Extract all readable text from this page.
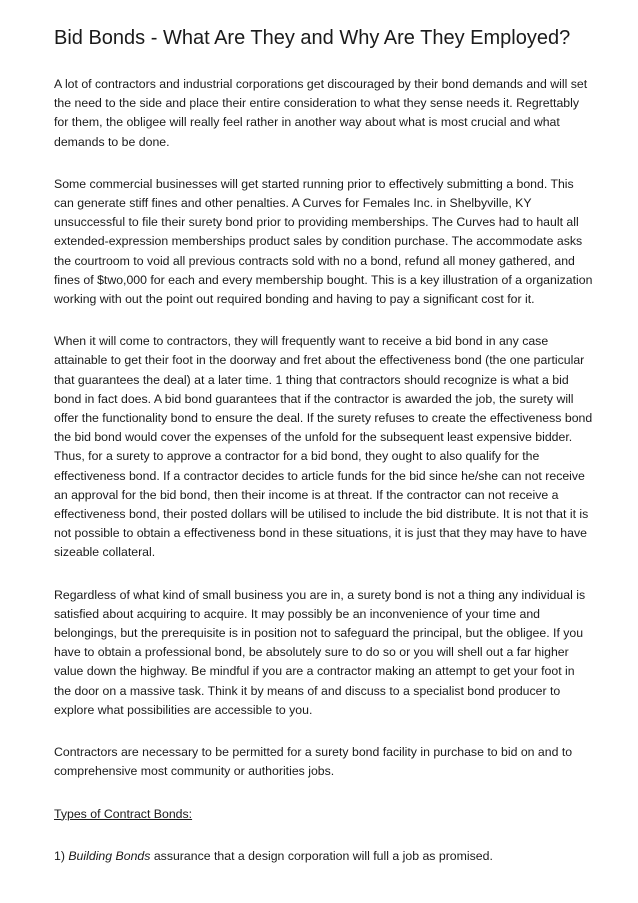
Bid Bonds - What Are They and Why Are They Employed?

A lot of contractors and industrial corporations get discouraged by their bond demands and will set the need to the side and place their entire consideration to what they sense needs it. Regrettably for them, the obligee will really feel rather in another way about what is most crucial and what demands to be done.

Some commercial businesses will get started running prior to effectively submitting a bond. This can generate stiff fines and other penalties. A Curves for Females Inc. in Shelbyville, KY unsuccessful to file their surety bond prior to providing memberships. The Curves had to hault all extended-expression memberships product sales by condition purchase. The accommodate asks the courtroom to void all previous contracts sold with no a bond, refund all money gathered, and fines of $two,000 for each and every membership bought. This is a key illustration of a organization working with out the point out required bonding and having to pay a significant cost for it.

When it will come to contractors, they will frequently want to receive a bid bond in any case attainable to get their foot in the doorway and fret about the effectiveness bond (the one particular that guarantees the deal) at a later time. 1 thing that contractors should recognize is what a bid bond in fact does. A bid bond guarantees that if the contractor is awarded the job, the surety will offer the functionality bond to ensure the deal. If the surety refuses to create the effectiveness bond the bid bond would cover the expenses of the unfold for the subsequent least expensive bidder. Thus, for a surety to approve a contractor for a bid bond, they ought to also qualify for the effectiveness bond. If a contractor decides to article funds for the bid since he/she can not receive an approval for the bid bond, then their income is at threat. If the contractor can not receive a effectiveness bond, their posted dollars will be utilised to include the bid distribute. It is not that it is not possible to obtain a effectiveness bond in these situations, it is just that they may have to have sizeable collateral.

Regardless of what kind of small business you are in, a surety bond is not a thing any individual is satisfied about acquiring to acquire. It may possibly be an inconvenience of your time and belongings, but the prerequisite is in position not to safeguard the principal, but the obligee. If you have to obtain a professional bond, be absolutely sure to do so or you will shell out a far higher value down the highway. Be mindful if you are a contractor making an attempt to get your foot in the door on a massive task. Think it by means of and discuss to a specialist bond producer to explore what possibilities are accessible to you.

Contractors are necessary to be permitted for a surety bond facility in purchase to bid on and to comprehensive most community or authorities jobs.

Types of Contract Bonds:

1) Building Bonds assurance that a design corporation will full a job as promised.
